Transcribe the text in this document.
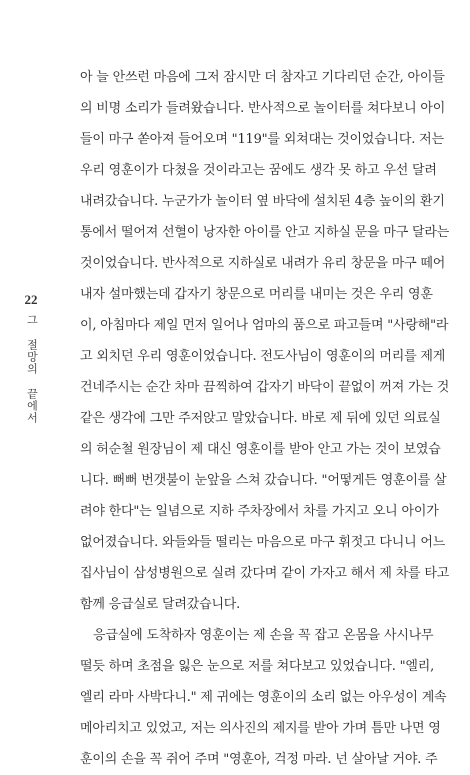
22
그 절망의 끝에서
아 늘 안쓰런 마음에 그저 잠시만 더 참자고 기다리던 순간, 아이들
의 비명 소리가 들려왔습니다. 반사적으로 놀이터를 쳐다보니 아이
들이 마구 쏟아져 들어오며 "119"를 외쳐대는 것이었습니다. 저는
우리 영훈이가 다쳤을 것이라고는 꿈에도 생각 못 하고 우선 달려
내려갔습니다. 누군가가 놀이터 옆 바닥에 설치된 4층 높이의 환기
통에서 떨어져 선혈이 낭자한 아이를 안고 지하실 문을 마구 달라는
것이었습니다. 반사적으로 지하실로 내려가 유리 창문을 마구 떼어
내자 설마했는데 갑자기 창문으로 머리를 내미는 것은 우리 영훈
이, 아침마다 제일 먼저 일어나 엄마의 품으로 파고들며 "사랑해"라
고 외치던 우리 영훈이었습니다. 전도사님이 영훈이의 머리를 제게
건네주시는 순간 차마 끔찍하여 갑자기 바닥이 끝없이 꺼져 가는 것
같은 생각에 그만 주저앉고 말았습니다. 바로 제 뒤에 있던 의료실
의 허순철 원장님이 제 대신 영훈이를 받아 안고 가는 것이 보였습
니다. 뻐뻐 번갯불이 눈앞을 스쳐 갔습니다. "어떻게든 영훈이를 살
려야 한다"는 일념으로 지하 주차장에서 차를 가지고 오니 아이가
없어졌습니다. 와들와들 떨리는 마음으로 마구 휘젓고 다니니 어느
집사님이 삼성병원으로 실려 갔다며 같이 가자고 해서 제 차를 타고
함께 응급실로 달려갔습니다.
응급실에 도착하자 영훈이는 제 손을 꼭 잡고 온몸을 사시나무
떨듯 하며 초점을 잃은 눈으로 저를 쳐다보고 있었습니다. "엘리,
엘리 라마 사박다니." 제 귀에는 영훈이의 소리 없는 아우성이 계속
메아리치고 있었고, 저는 의사진의 제지를 받아 가며 틈만 나면 영
훈이의 손을 꼭 쥐어 주며 "영훈아, 걱정 마라. 넌 살아날 거야. 주
